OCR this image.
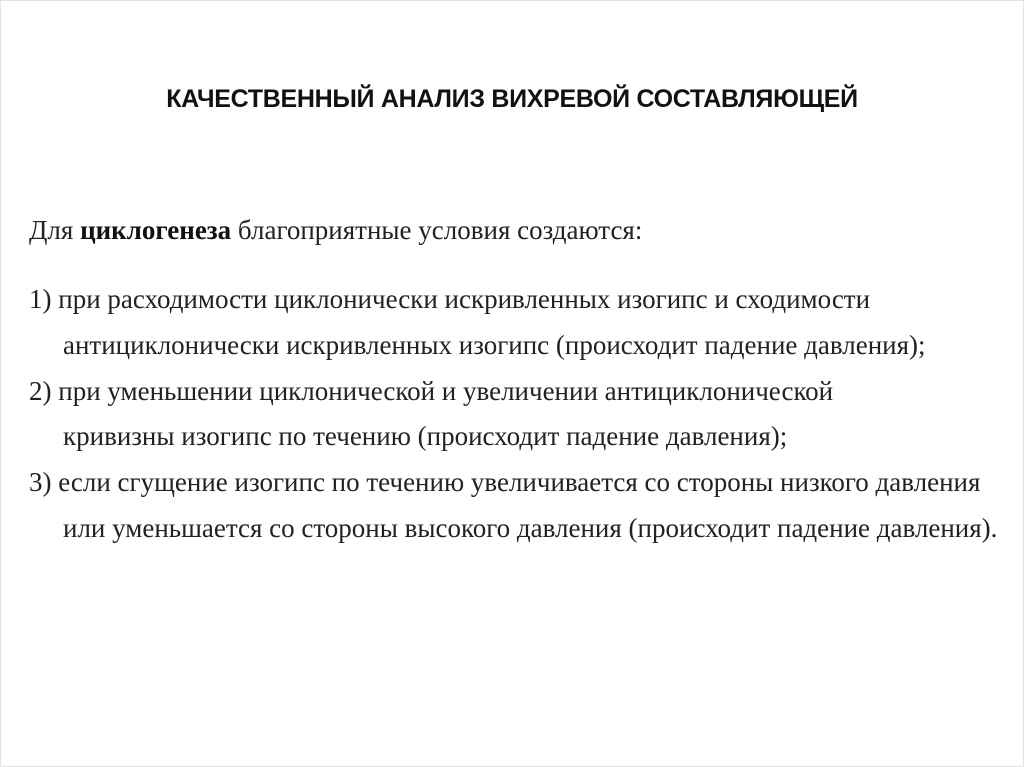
КАЧЕСТВЕННЫЙ АНАЛИЗ ВИХРЕВОЙ СОСТАВЛЯЮЩЕЙ
Для циклогенеза благоприятные условия создаются:
1) при расходимости циклонически искривленных изогипс и сходимости
антициклонически искривленных изогипс (происходит падение давления);
2) при уменьшении циклонической и увеличении антициклонической
кривизны изогипс по течению (происходит падение давления);
3) если сгущение изогипс по течению увеличивается со стороны низкого давления
или уменьшается со стороны высокого давления (происходит падение давления).
